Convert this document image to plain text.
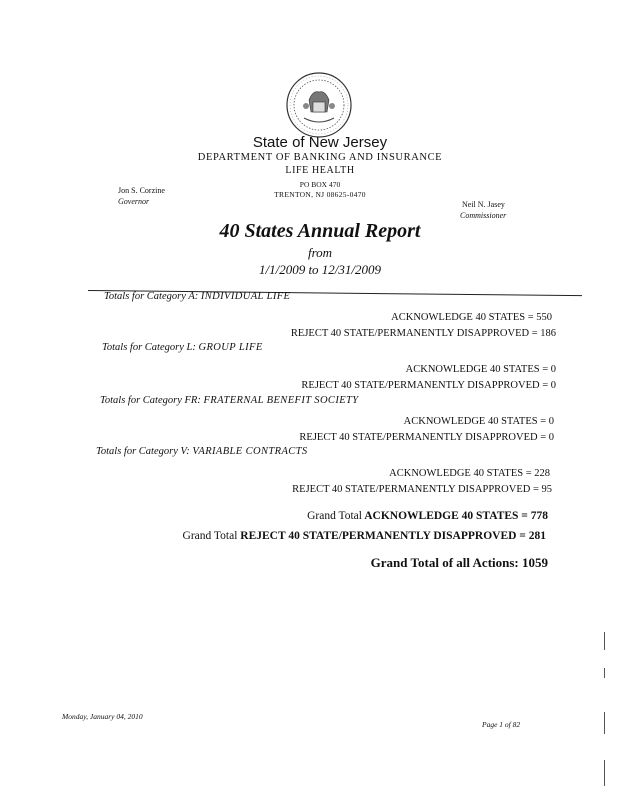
State of New Jersey
DEPARTMENT OF BANKING AND INSURANCE
LIFE HEALTH
PO BOX 470
TRENTON, NJ 08625-0470
Jon S. Corzine
Governor	Neil N. Jasey
Commissioner
40 States Annual Report
from
1/1/2009 to 12/31/2009
Totals for Category A: INDIVIDUAL LIFE
ACKNOWLEDGE 40 STATES = 550
REJECT 40 STATE/PERMANENTLY DISAPPROVED = 186
Totals for Category L: GROUP LIFE
ACKNOWLEDGE 40 STATES = 0
REJECT 40 STATE/PERMANENTLY DISAPPROVED = 0
Totals for Category FR: FRATERNAL BENEFIT SOCIETY
ACKNOWLEDGE 40 STATES = 0
REJECT 40 STATE/PERMANENTLY DISAPPROVED = 0
Totals for Category V: VARIABLE CONTRACTS
ACKNOWLEDGE 40 STATES = 228
REJECT 40 STATE/PERMANENTLY DISAPPROVED = 95
Grand Total ACKNOWLEDGE 40 STATES = 778
Grand Total REJECT 40 STATE/PERMANENTLY DISAPPROVED = 281
Grand Total of all Actions: 1059
Monday, January 04, 2010
Page 1 of 82
